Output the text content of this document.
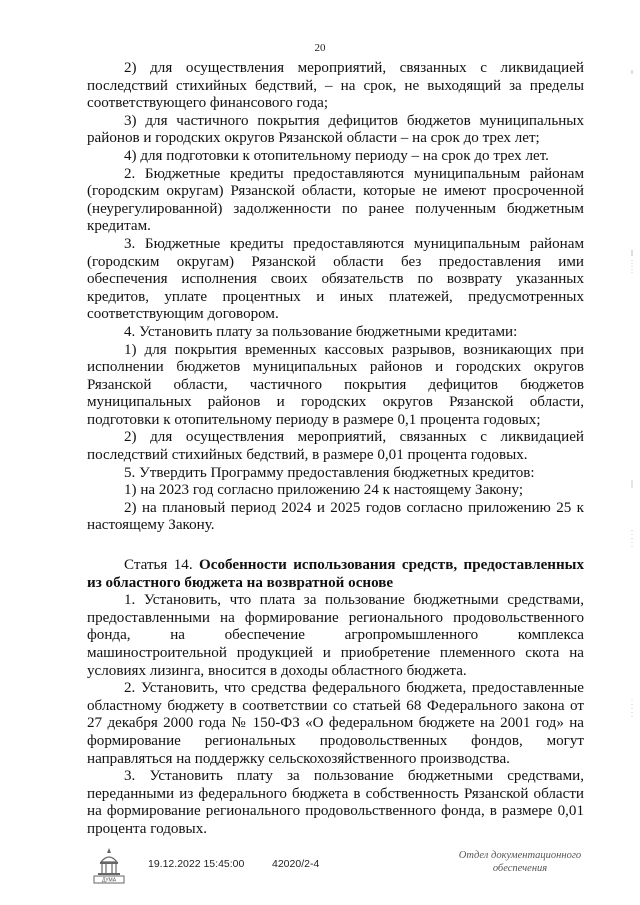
20

2) для осуществления мероприятий, связанных с ликвидацией последствий стихийных бедствий, – на срок, не выходящий за пределы соответствующего финансового года;

3) для частичного покрытия дефицитов бюджетов муниципальных районов и городских округов Рязанской области – на срок до трех лет;

4) для подготовки к отопительному периоду – на срок до трех лет.

2. Бюджетные кредиты предоставляются муниципальным районам (городским округам) Рязанской области, которые не имеют просроченной (неурегулированной) задолженности по ранее полученным бюджетным кредитам.

3. Бюджетные кредиты предоставляются муниципальным районам (городским округам) Рязанской области без предоставления ими обеспечения исполнения своих обязательств по возврату указанных кредитов, уплате процентных и иных платежей, предусмотренных соответствующим договором.

4. Установить плату за пользование бюджетными кредитами:

1) для покрытия временных кассовых разрывов, возникающих при исполнении бюджетов муниципальных районов и городских округов Рязанской области, частичного покрытия дефицитов бюджетов муниципальных районов и городских округов Рязанской области, подготовки к отопительному периоду в размере 0,1 процента годовых;

2) для осуществления мероприятий, связанных с ликвидацией последствий стихийных бедствий, в размере 0,01 процента годовых.

5. Утвердить Программу предоставления бюджетных кредитов:

1) на 2023 год согласно приложению 24 к настоящему Закону;

2) на плановый период 2024 и 2025 годов согласно приложению 25 к настоящему Закону.

Статья 14. Особенности использования средств, предоставленных из областного бюджета на возвратной основе

1. Установить, что плата за пользование бюджетными средствами, предоставленными на формирование регионального продовольственного фонда, на обеспечение агропромышленного комплекса машиностроительной продукцией и приобретение племенного скота на условиях лизинга, вносится в доходы областного бюджета.

2. Установить, что средства федерального бюджета, предоставленные областному бюджету в соответствии со статьей 68 Федерального закона от 27 декабря 2000 года № 150-ФЗ «О федеральном бюджете на 2001 год» на формирование региональных продовольственных фондов, могут направляться на поддержку сельскохозяйственного производства.

3. Установить плату за пользование бюджетными средствами, переданными из федерального бюджета в собственность Рязанской области на формирование регионального продовольственного фонда, в размере 0,01 процента годовых.

ДУМА
19.12.2022 15:45:00	42020/2-4
Отдел документационного
обеспечения
